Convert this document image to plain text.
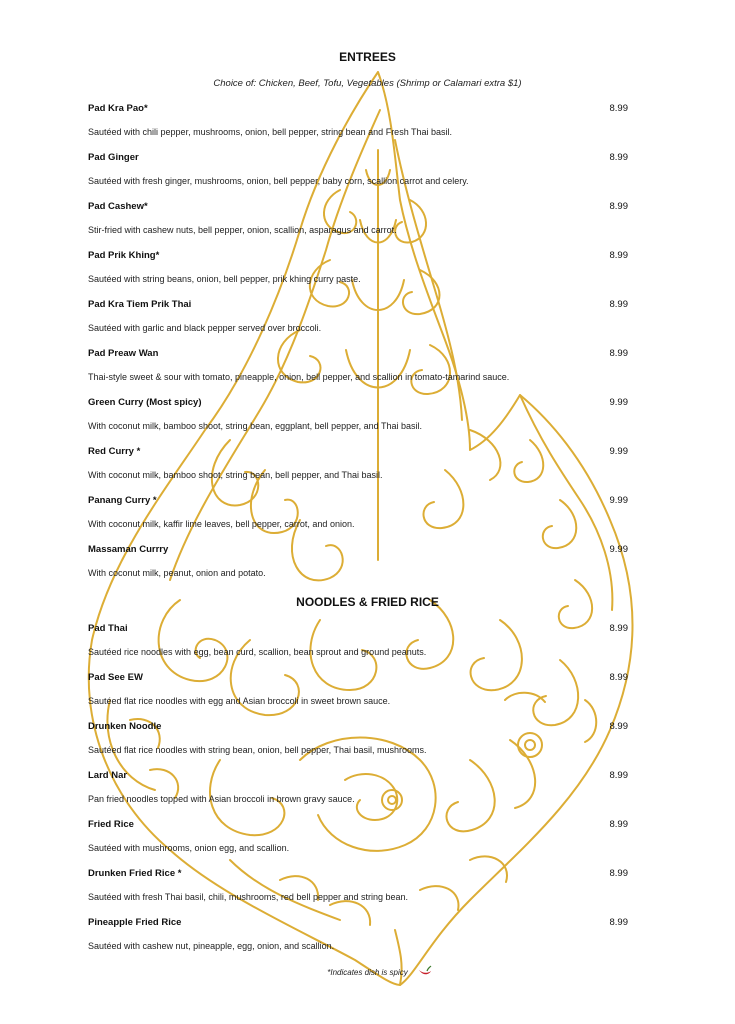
ENTREES
Choice of: Chicken, Beef, Tofu, Vegetables (Shrimp or Calamari extra $1)
Pad Kra Pao*	8.99
Sautéed with chili pepper, mushrooms, onion, bell pepper, string bean and Fresh Thai basil.
Pad Ginger	8.99
Sautéed with fresh ginger, mushrooms, onion, bell pepper, baby corn, scallion carrot and celery.
Pad Cashew*	8.99
Stir-fried with cashew nuts, bell pepper, onion, scallion, asparagus and carrot.
Pad Prik Khing*	8.99
Sautéed with string beans, onion, bell pepper, prik khing curry paste.
Pad Kra Tiem Prik Thai	8.99
Sautéed with garlic and black pepper served over broccoli.
Pad Preaw Wan	8.99
Thai-style sweet & sour with tomato, pineapple, onion, bell pepper, and scallion in tomato-tamarind sauce.
Green Curry (Most spicy)	9.99
With coconut milk, bamboo shoot, string bean, eggplant, bell pepper, and Thai basil.
Red Curry *	9.99
With coconut milk, bamboo shoot, string bean, bell pepper, and Thai basil.
Panang Curry *	9.99
With coconut milk, kaffir lime leaves, bell pepper, carrot, and onion.
Massaman Currry	9.99
With coconut milk, peanut, onion and potato.
NOODLES & FRIED RICE
Pad Thai	8.99
Sautéed rice noodles with egg, bean curd, scallion, bean sprout and ground peanuts.
Pad See EW	8.99
Sautéed flat rice noodles with egg and Asian broccoli in sweet brown sauce.
Drunken Noodle	8.99
Sautéed flat rice noodles with string bean, onion, bell pepper, Thai basil, mushrooms.
Lard Nar	8.99
Pan fried noodles topped with Asian broccoli in brown gravy sauce.
Fried Rice	8.99
Sautéed with mushrooms, onion egg, and scallion.
Drunken Fried Rice *	8.99
Sautéed with fresh Thai basil, chili, mushrooms, red bell pepper and string bean.
Pineapple Fried Rice	8.99
Sautéed with cashew nut, pineapple, egg, onion, and scallion.
*Indicates dish is spicy
